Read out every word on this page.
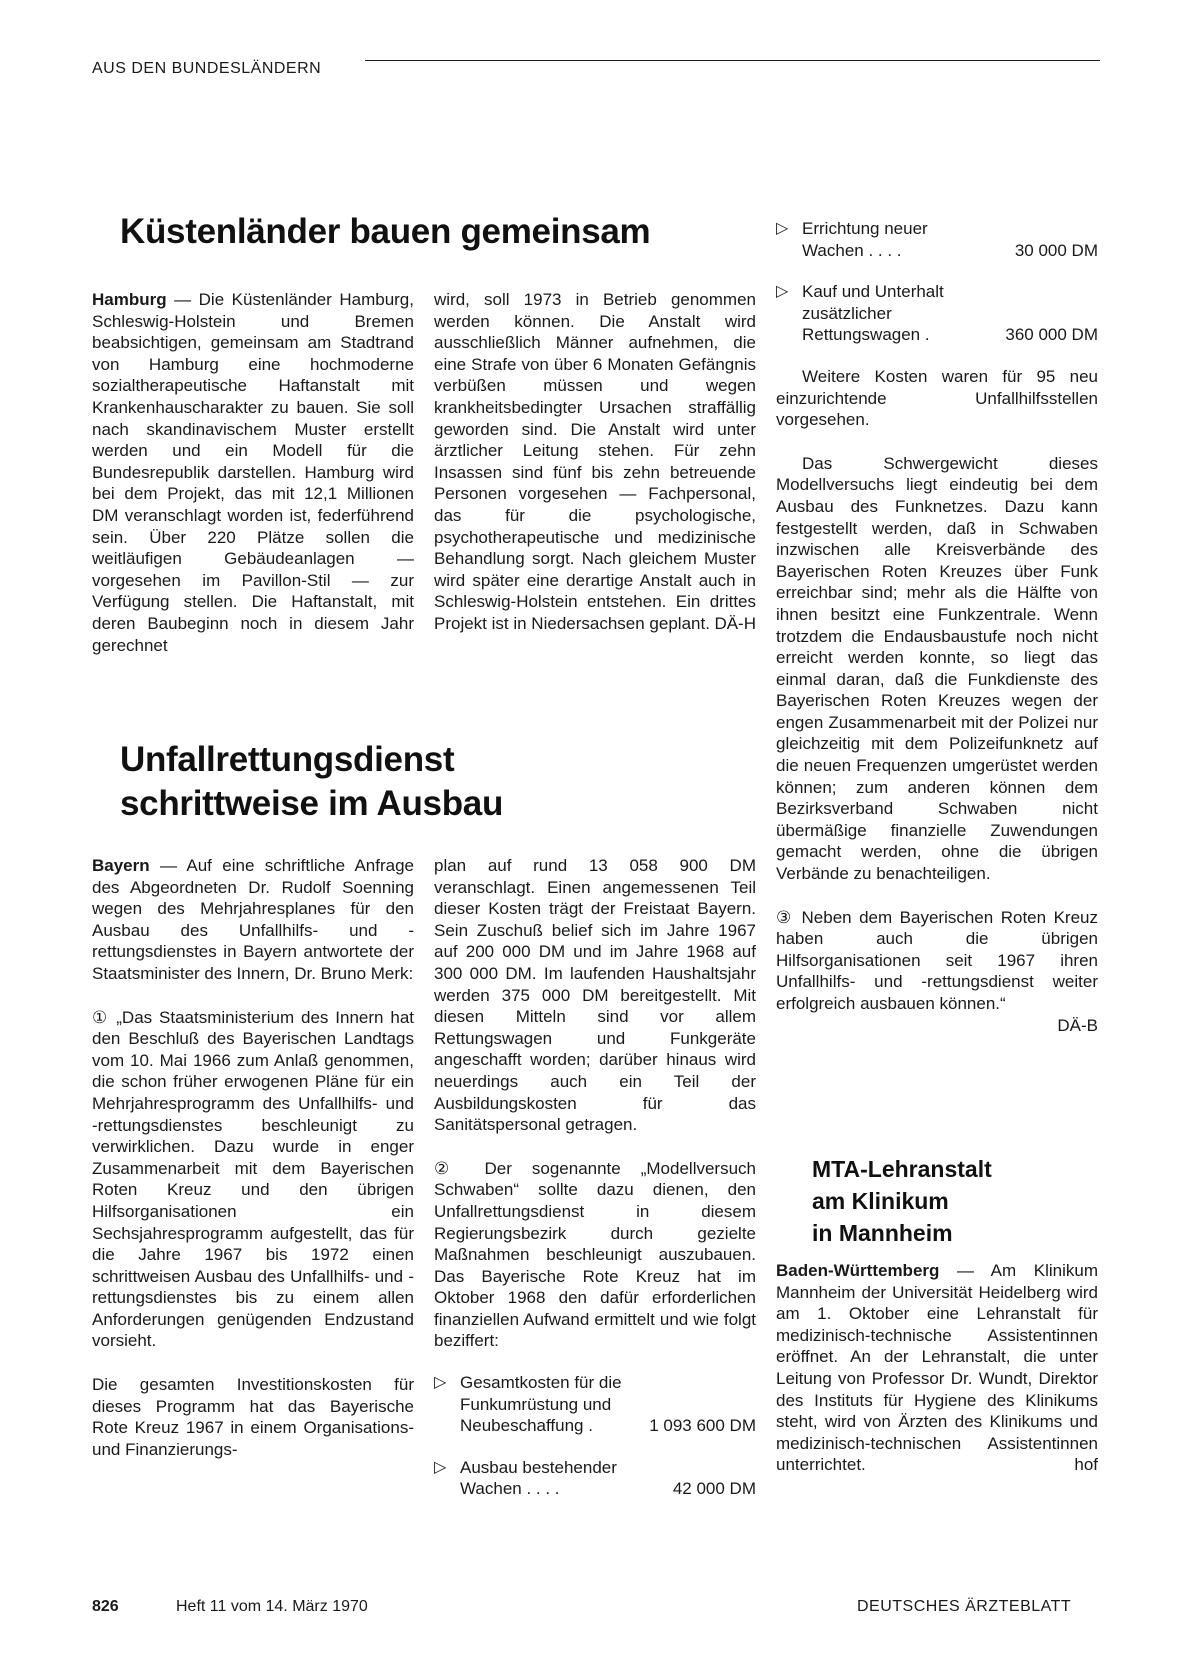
AUS DEN BUNDESLÄNDERN
Küstenländer bauen gemeinsam

Hamburg — Die Küstenländer Hamburg, Schleswig-Holstein und Bremen beabsichtigen, gemeinsam am Stadtrand von Hamburg eine hochmoderne sozialtherapeutische Haftanstalt mit Krankenhauscharakter zu bauen. Sie soll nach skandinavischem Muster erstellt werden und ein Modell für die Bundesrepublik darstellen. Hamburg wird bei dem Projekt, das mit 12,1 Millionen DM veranschlagt worden ist, federführend sein. Über 220 Plätze sollen die weitläufigen Gebäudeanlagen — vorgesehen im Pavillon-Stil — zur Verfügung stellen. Die Haftanstalt, mit deren Baubeginn noch in diesem Jahr gerechnet

wird, soll 1973 in Betrieb genommen werden können. Die Anstalt wird ausschließlich Männer aufnehmen, die eine Strafe von über 6 Monaten Gefängnis verbüßen müssen und wegen krankheitsbedingter Ursachen straffällig geworden sind. Die Anstalt wird unter ärztlicher Leitung stehen. Für zehn Insassen sind fünf bis zehn betreuende Personen vorgesehen — Fachpersonal, das für die psychologische, psychotherapeutische und medizinische Behandlung sorgt. Nach gleichem Muster wird später eine derartige Anstalt auch in Schleswig-Holstein entstehen. Ein drittes Projekt ist in Niedersachsen geplant. DÄ-H

Unfallrettungsdienst
schrittweise im Ausbau

Bayern — Auf eine schriftliche Anfrage des Abgeordneten Dr. Rudolf Soenning wegen des Mehrjahresplanes für den Ausbau des Unfallhilfs- und -rettungsdienstes in Bayern antwortete der Staatsminister des Innern, Dr. Bruno Merk:

① „Das Staatsministerium des Innern hat den Beschluß des Bayerischen Landtags vom 10. Mai 1966 zum Anlaß genommen, die schon früher erwogenen Pläne für ein Mehrjahresprogramm des Unfallhilfs- und -rettungsdienstes beschleunigt zu verwirklichen. Dazu wurde in enger Zusammenarbeit mit dem Bayerischen Roten Kreuz und den übrigen Hilfsorganisationen ein Sechsjahresprogramm aufgestellt, das für die Jahre 1967 bis 1972 einen schrittweisen Ausbau des Unfallhilfs- und -rettungsdienstes bis zu einem allen Anforderungen genügenden Endzustand vorsieht.

Die gesamten Investitionskosten für dieses Programm hat das Bayerische Rote Kreuz 1967 in einem Organisations- und Finanzierungs-

plan auf rund 13 058 900 DM veranschlagt. Einen angemessenen Teil dieser Kosten trägt der Freistaat Bayern. Sein Zuschuß belief sich im Jahre 1967 auf 200 000 DM und im Jahre 1968 auf 300 000 DM. Im laufenden Haushaltsjahr werden 375 000 DM bereitgestellt. Mit diesen Mitteln sind vor allem Rettungswagen und Funkgeräte angeschafft worden; darüber hinaus wird neuerdings auch ein Teil der Ausbildungskosten für das Sanitätspersonal getragen.

② Der sogenannte „Modellversuch Schwaben“ sollte dazu dienen, den Unfallrettungsdienst in diesem Regierungsbezirk durch gezielte Maßnahmen beschleunigt auszubauen. Das Bayerische Rote Kreuz hat im Oktober 1968 den dafür erforderlichen finanziellen Aufwand ermittelt und wie folgt beziffert:

▷ Gesamtkosten für die
Funkumrüstung und
Neubeschaffung .	1 093 600 DM
▷ Ausbau bestehender
Wachen . . . .	42 000 DM
▷ Errichtung neuer
Wachen . . . .	30 000 DM
▷ Kauf und Unterhalt
zusätzlicher
Rettungswagen .	360 000 DM

Weitere Kosten waren für 95 neu einzurichtende Unfallhilfsstellen vorgesehen.

Das Schwergewicht dieses Modellversuchs liegt eindeutig bei dem Ausbau des Funknetzes. Dazu kann festgestellt werden, daß in Schwaben inzwischen alle Kreisverbände des Bayerischen Roten Kreuzes über Funk erreichbar sind; mehr als die Hälfte von ihnen besitzt eine Funkzentrale. Wenn trotzdem die Endausbaustufe noch nicht erreicht werden konnte, so liegt das einmal daran, daß die Funkdienste des Bayerischen Roten Kreuzes wegen der engen Zusammenarbeit mit der Polizei nur gleichzeitig mit dem Polizeifunknetz auf die neuen Frequenzen umgerüstet werden können; zum anderen können dem Bezirksverband Schwaben nicht übermäßige finanzielle Zuwendungen gemacht werden, ohne die übrigen Verbände zu benachteiligen.

③ Neben dem Bayerischen Roten Kreuz haben auch die übrigen Hilfsorganisationen seit 1967 ihren Unfallhilfs- und -rettungsdienst weiter erfolgreich ausbauen können.“

DÄ-B
MTA-Lehranstalt
am Klinikum
in Mannheim

Baden-Württemberg — Am Klinikum Mannheim der Universität Heidelberg wird am 1. Oktober eine Lehranstalt für medizinisch-technische Assistentinnen eröffnet. An der Lehranstalt, die unter Leitung von Professor Dr. Wundt, Direktor des Instituts für Hygiene des Klinikums steht, wird von Ärzten des Klinikums und medizinisch-technischen Assistentinnen unterrichtet.	hof

826	Heft 11 vom 14. März 1970	DEUTSCHES ÄRZTEBLATT
